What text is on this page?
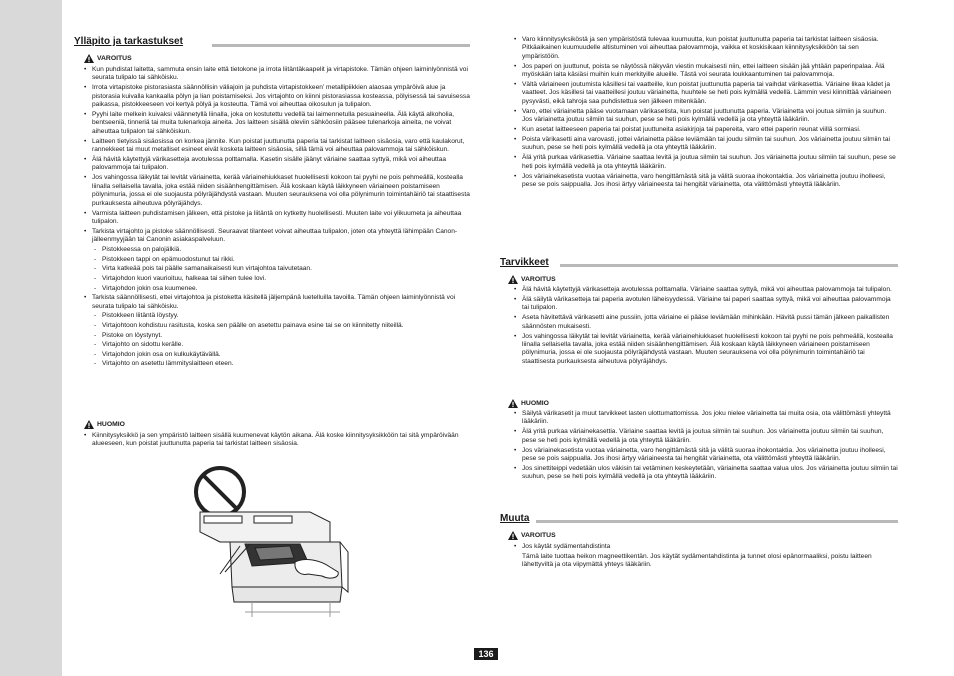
Ylläpito ja tarkastukset
VAROITUS
• Kun puhdistat laitetta, sammuta ensin laite että tietokone ja irrota liitäntäkaapelit ja virtapistoke. Tämän ohjeen laiminlyönnistä voi seurata tulipalo tai sähköisku.
• Irrota virtapistoke pistorasiasta säännöllisin väliajoin ja puhdista virtapistokkeen’ metallipiikkien alaosaa ympäröivä alue ja pistorasia kuivalla kankaalla pölyn ja lian poistamiseksi. Jos virtajohto on kiinni pistorasiassa kosteassa, pölyisessä tai savuisessa paikassa, pistokkeeseen voi kertyä pölyä ja kosteutta. Tämä voi aiheuttaa oikosulun ja tulipalon.
• Pyyhi laite melkein kuivaksi väännetyllä liinalla, joka on kostutettu vedellä tai laimennetulla pesuaineella. Älä käytä alkoholia, bentseeniä, tinneriä tai muita tulenarkoja aineita. Jos laitteen sisällä oleviin sähköosiin pääsee tulenarkoja aineita, ne voivat aiheuttaa tulipalon tai sähköiskun.
• Laitteen tietyissä sisäosissa on korkea jännite. Kun poistat juuttunutta paperia tai tarkistat laitteen sisäosia, varo että kaulakorut, rannekkeet tai muut metalliset esineet eivät kosketa laitteen sisäosia, sillä tämä voi aiheuttaa palovammoja tai sähköiskun.
• Älä hävitä käytettyjä värikasetteja avotulessa polttamalla. Kasetin sisälle jäänyt väriaine saattaa syttyä, mikä voi aiheuttaa palovammoja tai tulipalon.
• Jos vahingossa läikytät tai levität väriainetta, kerää väriainehiukkaset huolellisesti kokoon tai pyyhi ne pois pehmeällä, kostealla liinalla sellaisella tavalla, joka estää niiden sisäänhengittämisen. Älä koskaan käytä läikkyneen väriaineen poistamiseen pölynimuria, jossa ei ole suojausta pölyräjähdystä vastaan. Muuten seurauksena voi olla pölynimurin toimintahäiriö tai staattisesta purkauksesta aiheutuva pölyräjähdys.
• Varmista laitteen puhdistamisen jälkeen, että pistoke ja liitäntä on kytketty huolellisesti. Muuten laite voi ylikuumeta ja aiheuttaa tulipalon.
• Tarkista virtajohto ja pistoke säännöllisesti. Seuraavat tilanteet voivat aiheuttaa tulipalon, joten ota yhteyttä lähimpään Canon-jälleenmyyjään tai Canonin asiakaspalveluun.
- Pistokkeessa on palojälkiä.
- Pistokkeen tappi on epämuodostunut tai rikki.
- Virta katkeää pois tai päälle samanaikaisesti kun virtajohtoa taivutetaan.
- Virtajohdon kuori vaurioituu, halkeaa tai siihen tulee lovi.
- Virtajohdon jokin osa kuumenee.
• Tarkista säännöllisesti, ettei virtajohtoa ja pistoketta käsitellä jäljempänä luetelluilla tavoilla. Tämän ohjeen laiminlyönnistä voi seurata tulipalo tai sähköisku.
- Pistokkeen liitäntä löystyy.
- Virtajohtoon kohdistuu rasitusta, koska sen päälle on asetettu painava esine tai se on kiinnitetty niiteillä.
- Pistoke on löystynyt.
- Virtajohto on sidottu kerälle.
- Virtajohdon jokin osa on kulkukäytävällä.
- Virtajohto on asetettu lämmityslaitteen eteen.
HUOMIO
• Kiinnitysyksikkö ja sen ympäristö laitteen sisällä kuumenevat käytön aikana. Älä koske kiinnitysyksikköön tai sitä ympäröivään alueeseen, kun poistat juuttunutta paperia tai tarkistat laitteen sisäosia.
• Varo kiinnitysyksiköstä ja sen ympäristöstä tulevaa kuumuutta, kun poistat juuttunutta paperia tai tarkistat laitteen sisäosia. Pitkäaikainen kuumuudelle altistuminen voi aiheuttaa palovammoja, vaikka et koskisikaan kiinnitysyksikköön tai sen ympäristöön.
• Jos paperi on juuttunut, poista se näytössä näkyvän viestin mukaisesti niin, ettei laitteen sisään jää yhtään paperinpalaa. Älä myöskään laita käsiäsi muihin kuin merkityille alueille. Tästä voi seurata loukkaantuminen tai palovammoja.
• Vältä väriaineen joutumista käsillesi tai vaatteille, kun poistat juuttunutta paperia tai vaihdat värikasettia. Väriaine likaa kädet ja vaatteet. Jos käsillesi tai vaatteillesi joutuu väriainetta, huuhtele se heti pois kylmällä vedellä. Lämmin vesi kiinnittää väriaineen pysyvästi, eikä tahroja saa puhdistettua sen jälkeen mitenkään.
• Varo, ettei väriainetta pääse vuotamaan värikasetista, kun poistat juuttunutta paperia. Väriainetta voi joutua silmiin ja suuhun. Jos väriainetta joutuu silmiin tai suuhun, pese se heti pois kylmällä vedellä ja ota yhteyttä lääkäriin.
• Kun asetat laitteeseen paperia tai poistat juuttuneita asiakirjoja tai papereita, varo ettei paperin reunat viillä sormiasi.
• Poista värikasetti aina varovasti, jottei väriainetta pääse leviämään tai joudu silmiin tai suuhun. Jos väriainetta joutuu silmiin tai suuhun, pese se heti pois kylmällä vedellä ja ota yhteyttä lääkäriin.
• Älä yritä purkaa värikasettia. Väriaine saattaa levitä ja joutua silmiin tai suuhun. Jos väriainetta joutuu silmiin tai suuhun, pese se heti pois kylmällä vedellä ja ota yhteyttä lääkäriin.
• Jos väriainekasetista vuotaa väriainetta, varo hengittämästä sitä ja välitä suoraa ihokontaktia. Jos väriainetta joutuu iholleesi, pese se pois saippualla. Jos ihosi ärtyy väriaineesta tai hengität väriainetta, ota välittömästi yhteyttä lääkäriin.
Tarvikkeet
VAROITUS
• Älä hävitä käytettyjä värikasetteja avotulessa polttamalla. Väriaine saattaa syttyä, mikä voi aiheuttaa palovammoja tai tulipalon.
• Älä säilytä värikasetteja tai paperia avotulen läheisyydessä. Väriaine tai paperi saattaa syttyä, mikä voi aiheuttaa palovammoja tai tulipalon.
• Aseta hävitettävä värikasetti aine pussiin, jotta väriaine ei pääse leviämään mihinkään. Hävitä pussi tämän jälkeen paikallisten säännösten mukaisesti.
• Jos vahingossa läikytät tai levität väriainetta, kerää väriainehiukkaset huolellisesti kokoon tai pyyhi ne pois pehmeällä, kostealla liinalla sellaisella tavalla, joka estää niiden sisäänhengittämisen. Älä koskaan käytä läikkyneen väriaineen poistamiseen pölynimuria, jossa ei ole suojausta pölyräjähdystä vastaan. Muuten seurauksena voi olla pölynimurin toimintahäiriö tai staattisesta purkauksesta aiheutuva pölyräjähdys.
HUOMIO
• Säilytä värikasetit ja muut tarvikkeet lasten ulottumattomissa. Jos joku nielee väriainetta tai muita osia, ota välittömästi yhteyttä lääkäriin.
• Älä yritä purkaa väriainekasettia. Väriaine saattaa levitä ja joutua silmiin tai suuhun. Jos väriainetta joutuu silmiin tai suuhun, pese se heti pois kylmällä vedellä ja ota yhteyttä lääkäriin.
• Jos väriainekasetista vuotaa väriainetta, varo hengittämästä sitä ja välitä suoraa ihokontaktia. Jos väriainetta joutuu iholleesi, pese se pois saippualla. Jos ihosi ärtyy väriaineesta tai hengität väriainetta, ota välittömästi yhteyttä lääkäriin.
• Jos sinettiteippi vedetään ulos väkisin tai vetäminen keskeytetään, väriainetta saattaa valua ulos. Jos väriainetta joutuu silmiin tai suuhun, pese se heti pois kylmällä vedellä ja ota yhteyttä lääkäriin.
Muuta
VAROITUS
• Jos käytät sydämentahdistinta
Tämä laite tuottaa heikon magneettikentän. Jos käytät sydämentahdistinta ja tunnet olosi epänormaaliksi, poistu laitteen lähettyviltä ja ota viipymättä yhteys lääkäriin.
136
